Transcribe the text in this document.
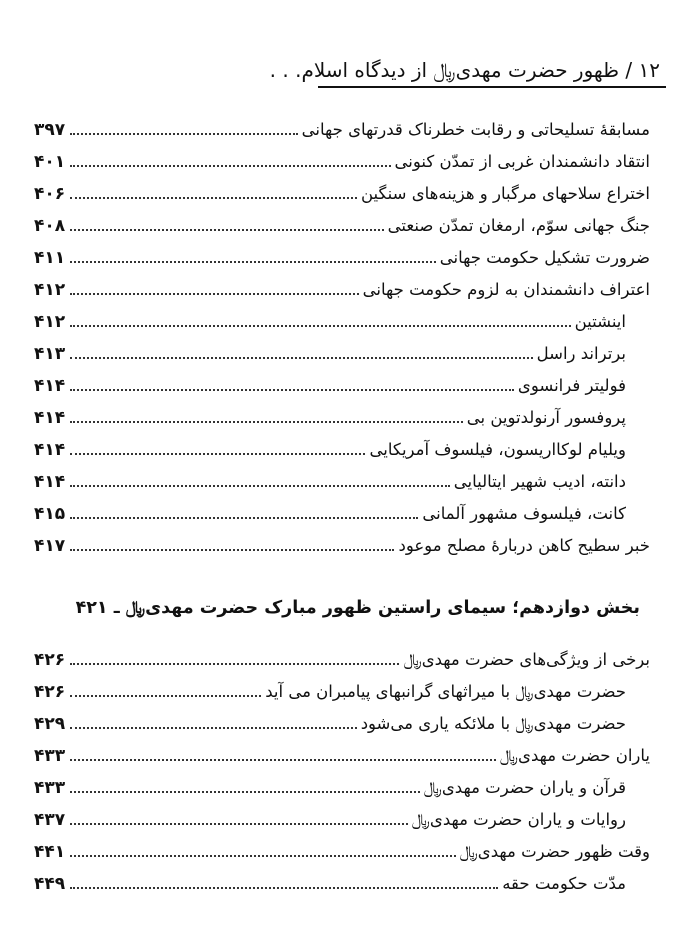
۱۲ / ظهور حضرت مهدی﷼ از دیدگاه اسلام. . .
مسابقهٔ تسلیحاتی و رقابت خطرناک قدرتهای جهانی
۳۹۷
انتقاد دانشمندان غربی از تمدّن کنونی
۴۰۱
اختراع سلاحهای مرگبار و هزینه‌های سنگین
۴۰۶
جنگ جهانی سوّم، ارمغان تمدّن صنعتی
۴۰۸
ضرورت تشکیل حکومت جهانی
۴۱۱
اعتراف دانشمندان به لزوم حکومت جهانی
۴۱۲
اینشتین
۴۱۲
برتراند راسل
۴۱۳
فولیتر فرانسوی
۴۱۴
پروفسور آرنولدتوین بی
۴۱۴
ویلیام لوکااریسون، فیلسوف آمریکایی
۴۱۴
دانته، ادیب شهیر ایتالیایی
۴۱۴
کانت، فیلسوف مشهور آلمانی
۴۱۵
خبر سطیح کاهن دربارهٔ مصلح موعود
۴۱۷
بخش دوازدهم؛ سیمای راستین ظهور مبارک حضرت مهدی﷼ ـ ۴۲۱
برخی از ویژگی‌های حضرت مهدی﷼
۴۲۶
حضرت مهدی﷼ با میراثهای گرانبهای پیامبران می آید
۴۲۶
حضرت مهدی﷼ با ملائکه یاری می‌شود
۴۲۹
یاران حضرت مهدی﷼
۴۳۳
قرآن و یاران حضرت مهدی﷼
۴۳۳
روایات و یاران حضرت مهدی﷼
۴۳۷
وقت ظهور حضرت مهدی﷼
۴۴۱
مدّت حکومت حقه
۴۴۹
